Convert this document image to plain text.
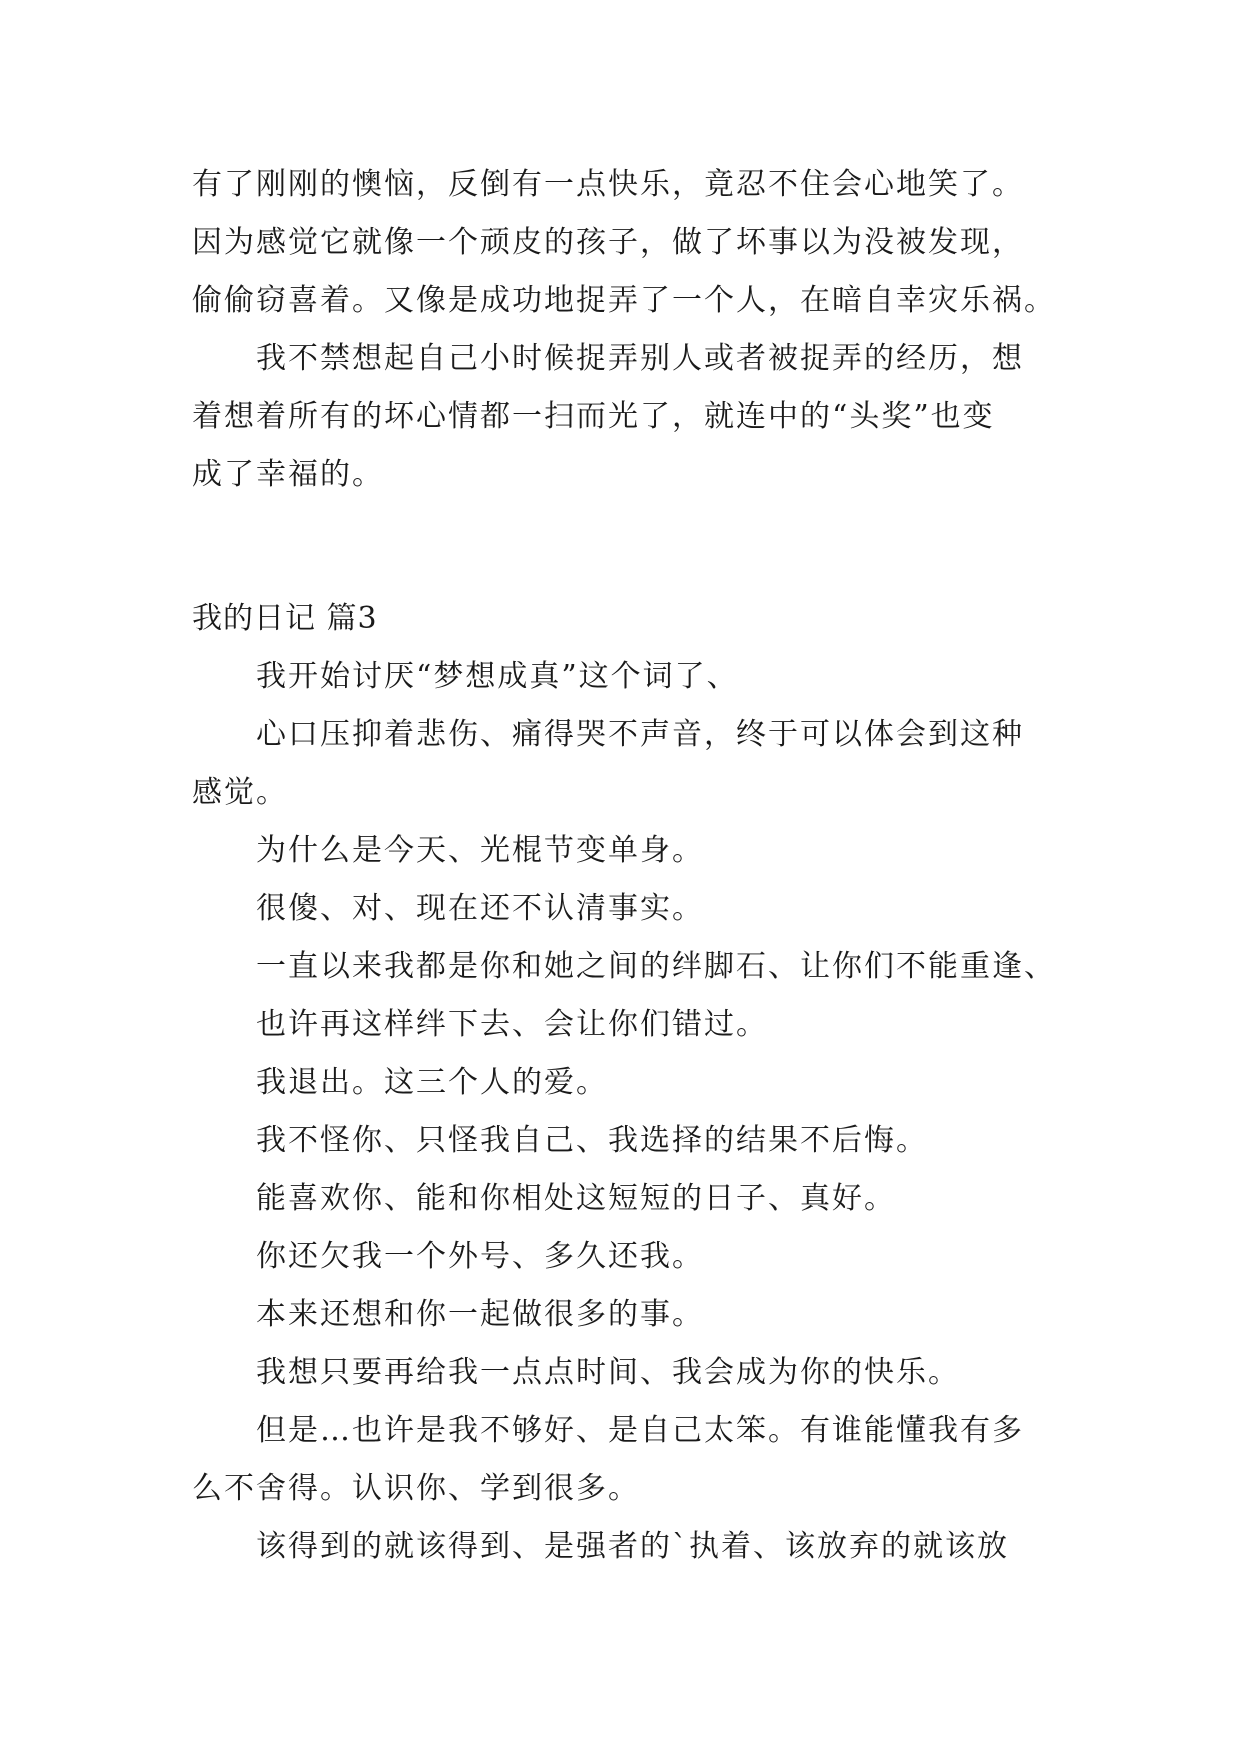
有了刚刚的懊恼，反倒有一点快乐，竟忍不住会心地笑了。
因为感觉它就像一个顽皮的孩子，做了坏事以为没被发现，
偷偷窃喜着。又像是成功地捉弄了一个人，在暗自幸灾乐祸。
我不禁想起自己小时候捉弄别人或者被捉弄的经历，想
着想着所有的坏心情都一扫而光了，就连中的“头奖”也变
成了幸福的。
我的日记 篇3
我开始讨厌“梦想成真”这个词了、
心口压抑着悲伤、痛得哭不声音，终于可以体会到这种
感觉。
为什么是今天、光棍节变单身。
很傻、对、现在还不认清事实。
一直以来我都是你和她之间的绊脚石、让你们不能重逢、
也许再这样绊下去、会让你们错过。
我退出。这三个人的爱。
我不怪你、只怪我自己、我选择的结果不后悔。
能喜欢你、能和你相处这短短的日子、真好。
你还欠我一个外号、多久还我。
本来还想和你一起做很多的事。
我想只要再给我一点点时间、我会成为你的快乐。
但是…也许是我不够好、是自己太笨。有谁能懂我有多
么不舍得。认识你、学到很多。
该得到的就该得到、是强者的`执着、该放弃的就该放
